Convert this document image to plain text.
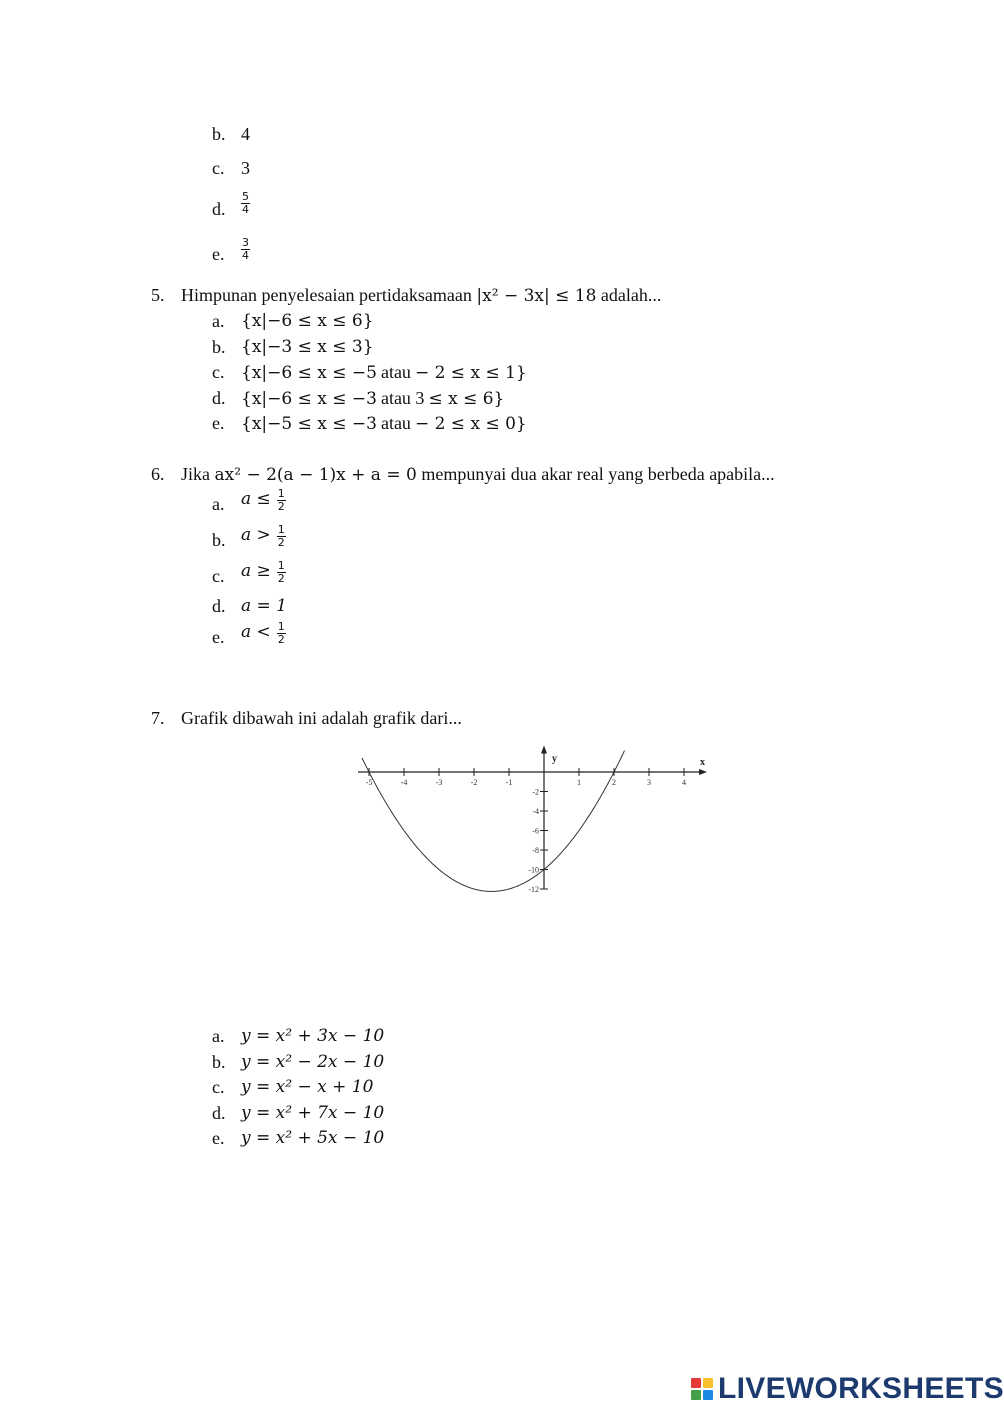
b. 4
c. 3
d. $\frac{5}{4}$
e. $\frac{3}{4}$
5. Himpunan penyelesaian pertidaksamaan |x² − 3x| ≤ 18 adalah...
a. {x|−6 ≤ x ≤ 6}
b. {x|−3 ≤ x ≤ 3}
c. {x|−6 ≤ x ≤ −5 atau − 2 ≤ x ≤ 1}
d. {x|−6 ≤ x ≤ −3 atau 3 ≤ x ≤ 6}
e. {x|−5 ≤ x ≤ −3 atau − 2 ≤ x ≤ 0}
6. Jika ax² − 2(a − 1)x + a = 0 mempunyai dua akar real yang berbeda apabila...
a. $a \le \frac{1}{2}$
b. $a > \frac{1}{2}$
c. $a \ge \frac{1}{2}$
d. a = 1
e. $a < \frac{1}{2}$
7. Grafik dibawah ini adalah grafik dari...
x
y
-5	-4	-3	-2	-1	1	2	3	4
-2
-4
-6
-8
-10
-12
a. y = x² + 3x − 10
b. y = x² − 2x − 10
c. y = x² − x + 10
d. y = x² + 7x − 10
e. y = x² + 5x − 10
LIVEWORKSHEETS
